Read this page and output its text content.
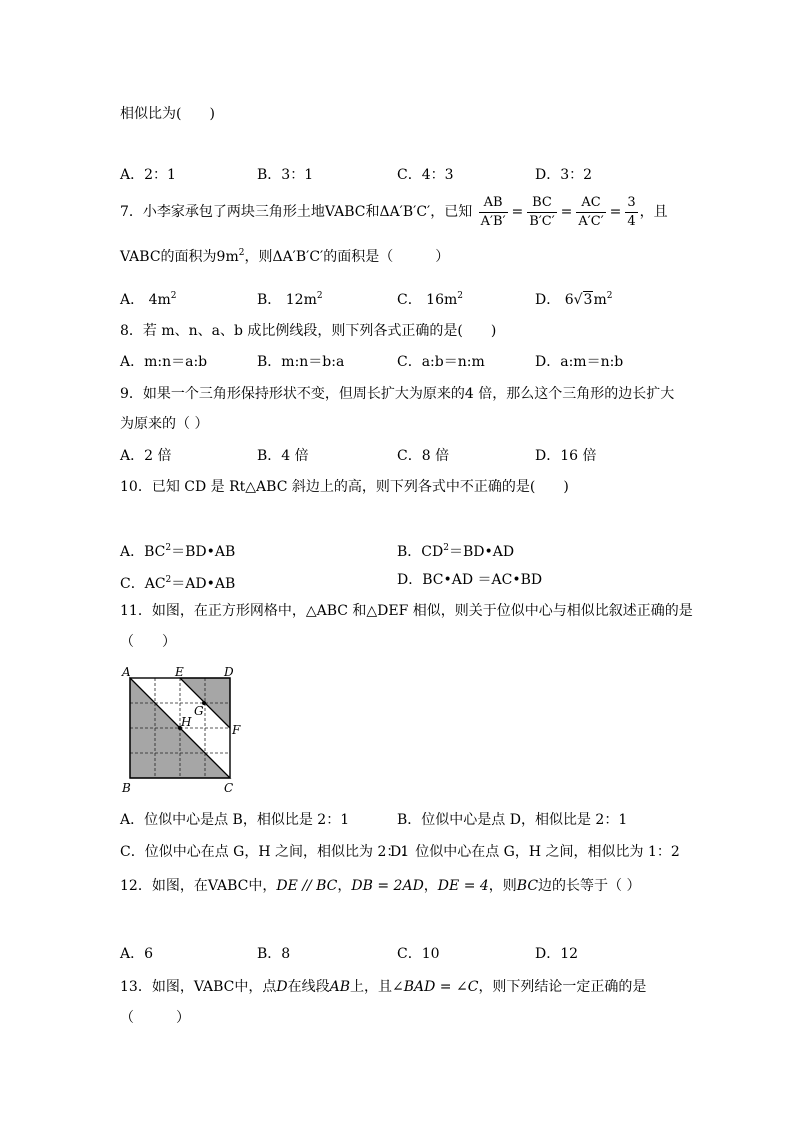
相似比为(　　)
A．2：1	B．3：1	C．4：3	D．3：2
7．小李家承包了两块三角形土地VABC和ΔA′B′C′，已知 $\frac{AB}{A'B'} = \frac{BC}{B'C'} = \frac{AC}{A'C'} = \frac{3}{4}$ ，且
VABC的面积为$9m^2$，则ΔA′B′C′的面积是（　　　）
A． $4m^2$	B． $12m^2$	C． $16m^2$	D． $6√3m^2$
8．若 m、n、a、b 成比例线段，则下列各式正确的是(　　)
A．m:n＝a:b	B．m:n＝b:a	C．a:b＝n:m	D．a:m＝n:b
9．如果一个三角形保持形状不变，但周长扩大为原来的4 倍，那么这个三角形的边长扩大
为原来的（ ）
A．2 倍	B．4 倍	C．8 倍	D．16 倍
10．已知 CD 是 Rt△ABC 斜边上的高，则下列各式中不正确的是(　　)
A．$BC^2=BD•AB$	B．$CD^2=BD•AD$
C．$AC^2=AD•AB$	D．BC•AD ＝AC•BD
11．如图，在正方形网格中，△ABC 和△DEF 相似，则关于位似中心与相似比叙述正确的是
（　　）
A	E	D
G
H
F
B	C
A．位似中心是点 B，相似比是 2：1	B．位似中心是点 D，相似比是 2：1
C．位似中心在点 G，H 之间，相似比为 2：1
D．位似中心在点 G，H 之间，相似比为 1：2
12．如图，在VABC中，DE // BC，DB = 2AD，DE = 4，则BC边的长等于（ ）
A．6	B．8	C．10	D．12
13．如图，VABC中，点D在线段AB上，且∠BAD = ∠C，则下列结论一定正确的是
（　　　）
